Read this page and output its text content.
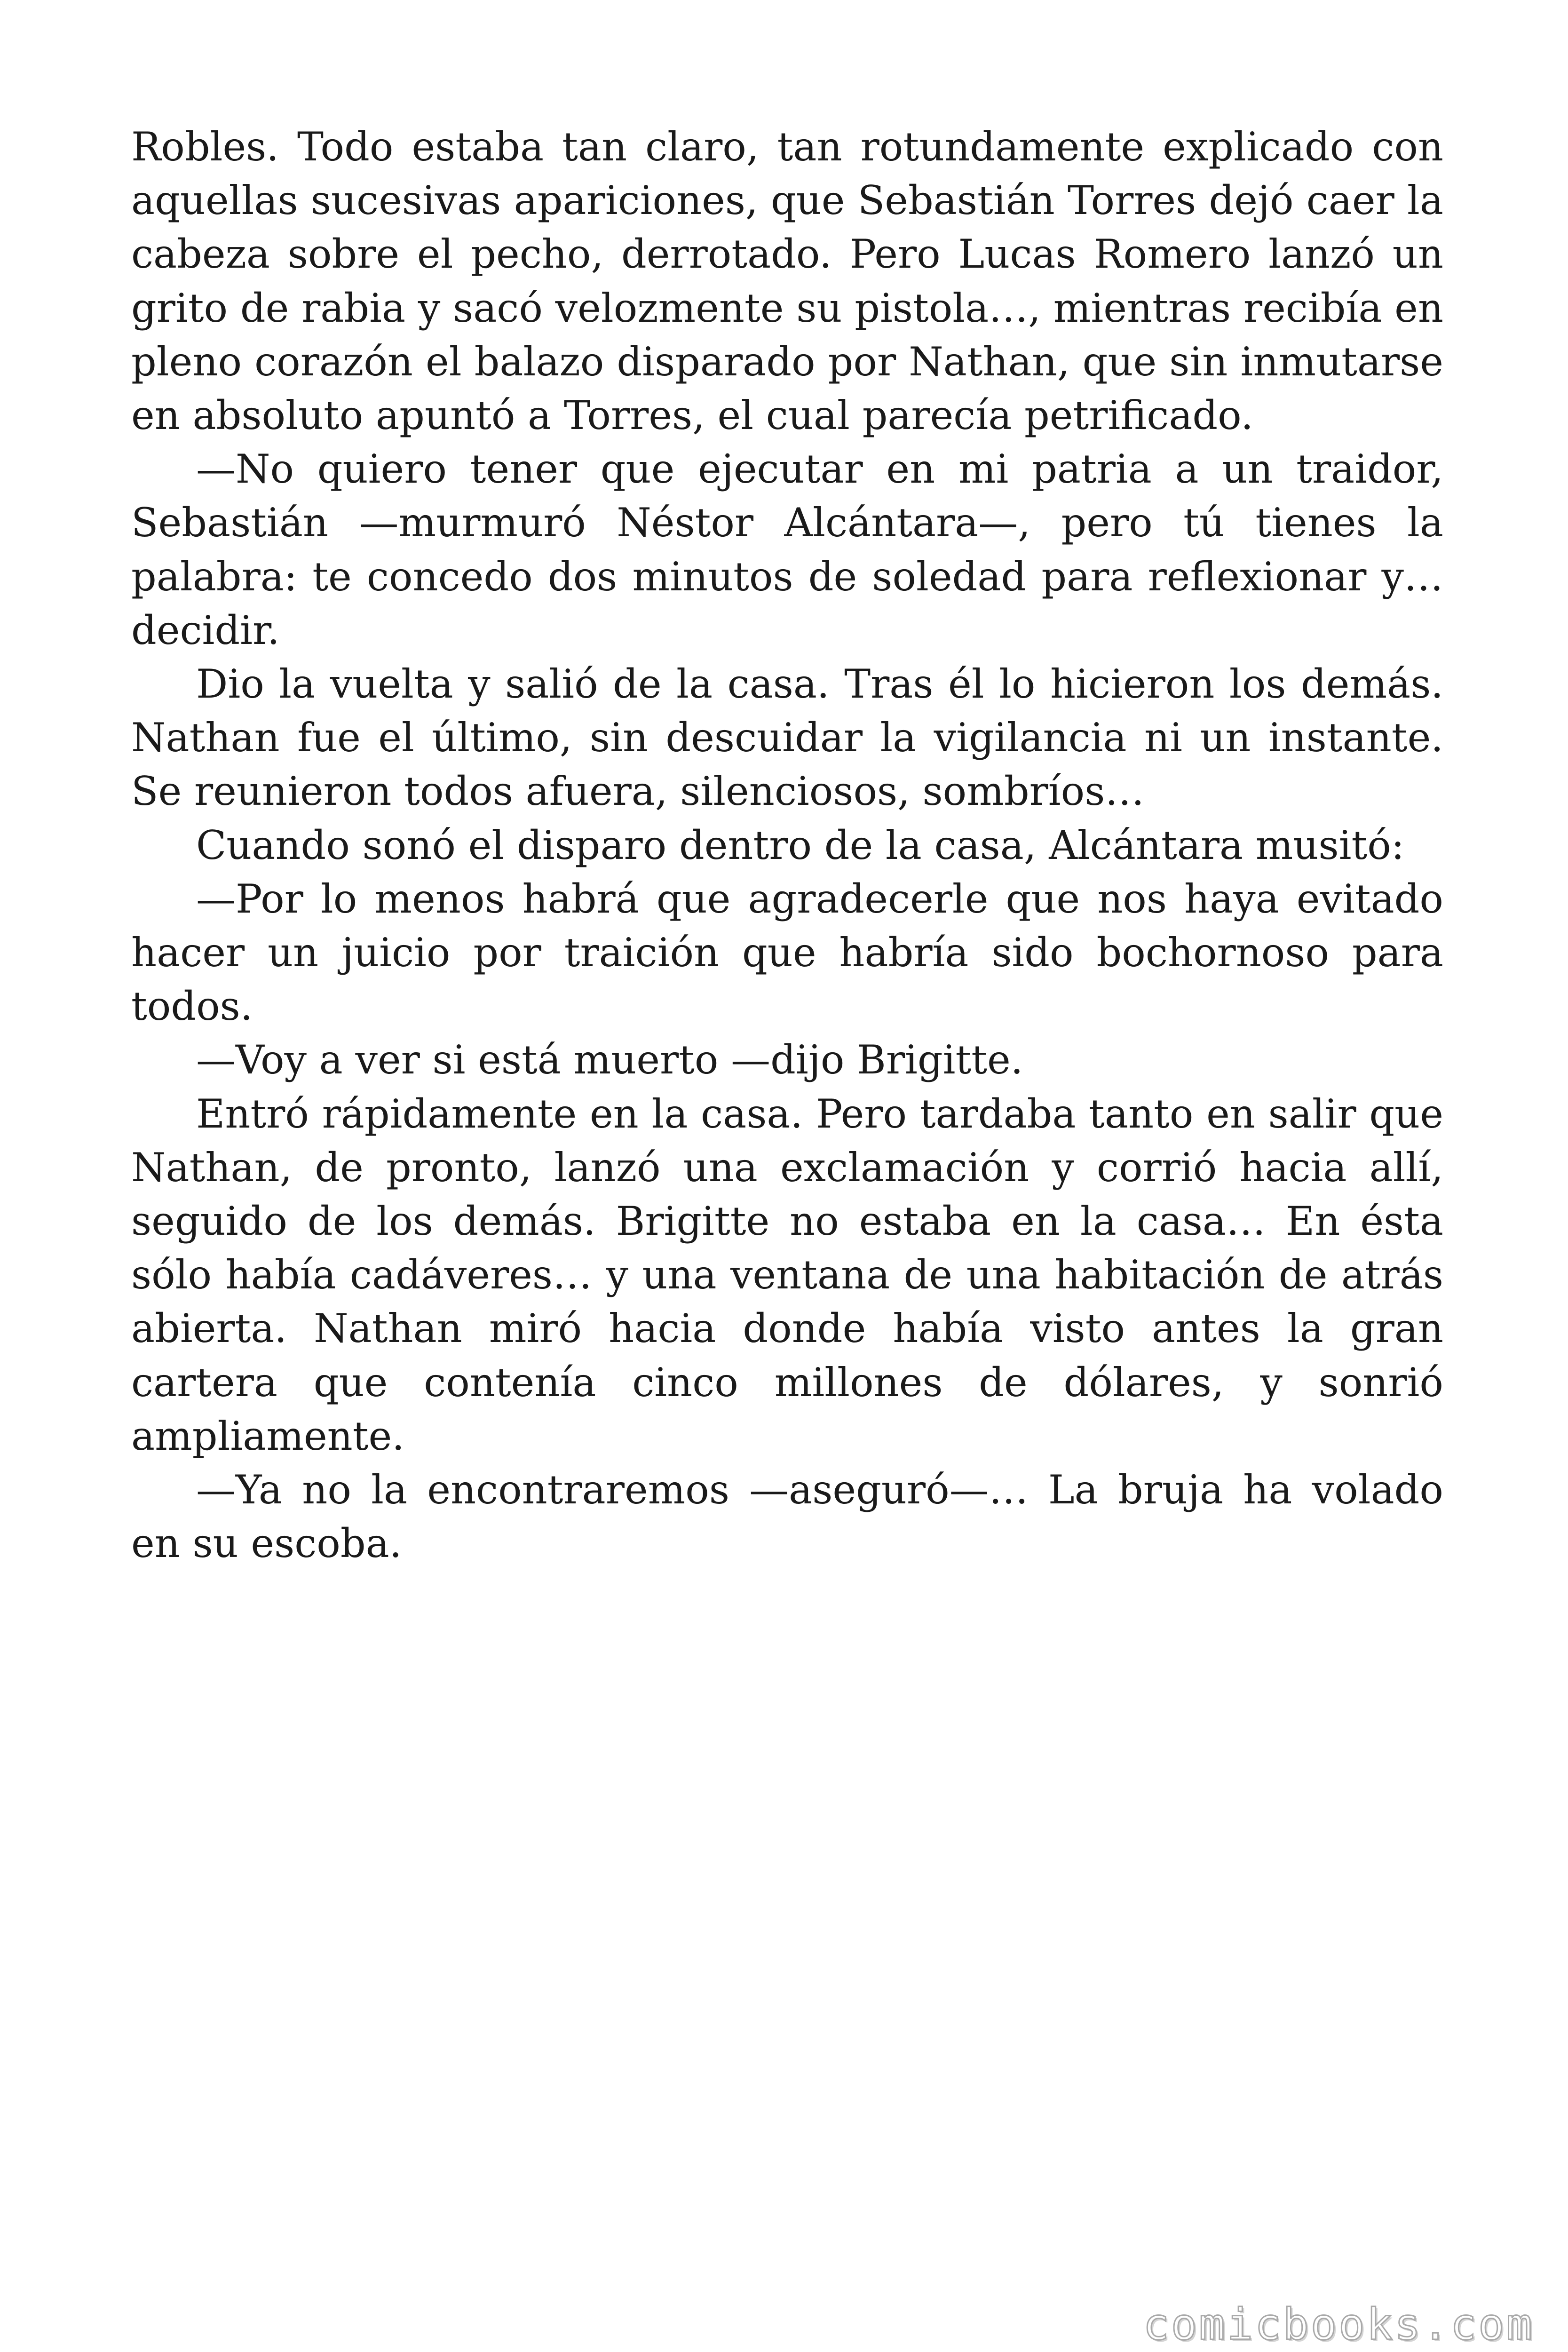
Robles. Todo estaba tan claro, tan rotundamente explicado con aquellas sucesivas apariciones, que Sebastián Torres dejó caer la cabeza sobre el pecho, derrotado. Pero Lucas Romero lanzó un grito de rabia y sacó velozmente su pistola…, mientras recibía en pleno corazón el balazo disparado por Nathan, que sin inmutarse en absoluto apuntó a Torres, el cual parecía petrificado.

—No quiero tener que ejecutar en mi patria a un traidor, Sebastián —murmuró Néstor Alcántara—, pero tú tienes la palabra: te concedo dos minutos de soledad para reflexionar y… decidir.

Dio la vuelta y salió de la casa. Tras él lo hicieron los demás. Nathan fue el último, sin descuidar la vigilancia ni un instante. Se reunieron todos afuera, silenciosos, sombríos…

Cuando sonó el disparo dentro de la casa, Alcántara musitó:

—Por lo menos habrá que agradecerle que nos haya evitado hacer un juicio por traición que habría sido bochornoso para todos.

—Voy a ver si está muerto —dijo Brigitte.

Entró rápidamente en la casa. Pero tardaba tanto en salir que Nathan, de pronto, lanzó una exclamación y corrió hacia allí, seguido de los demás. Brigitte no estaba en la casa… En ésta sólo había cadáveres… y una ventana de una habitación de atrás abierta. Nathan miró hacia donde había visto antes la gran cartera que contenía cinco millones de dólares, y sonrió ampliamente.

—Ya no la encontraremos —aseguró—… La bruja ha volado en su escoba.

comicbooks.com
